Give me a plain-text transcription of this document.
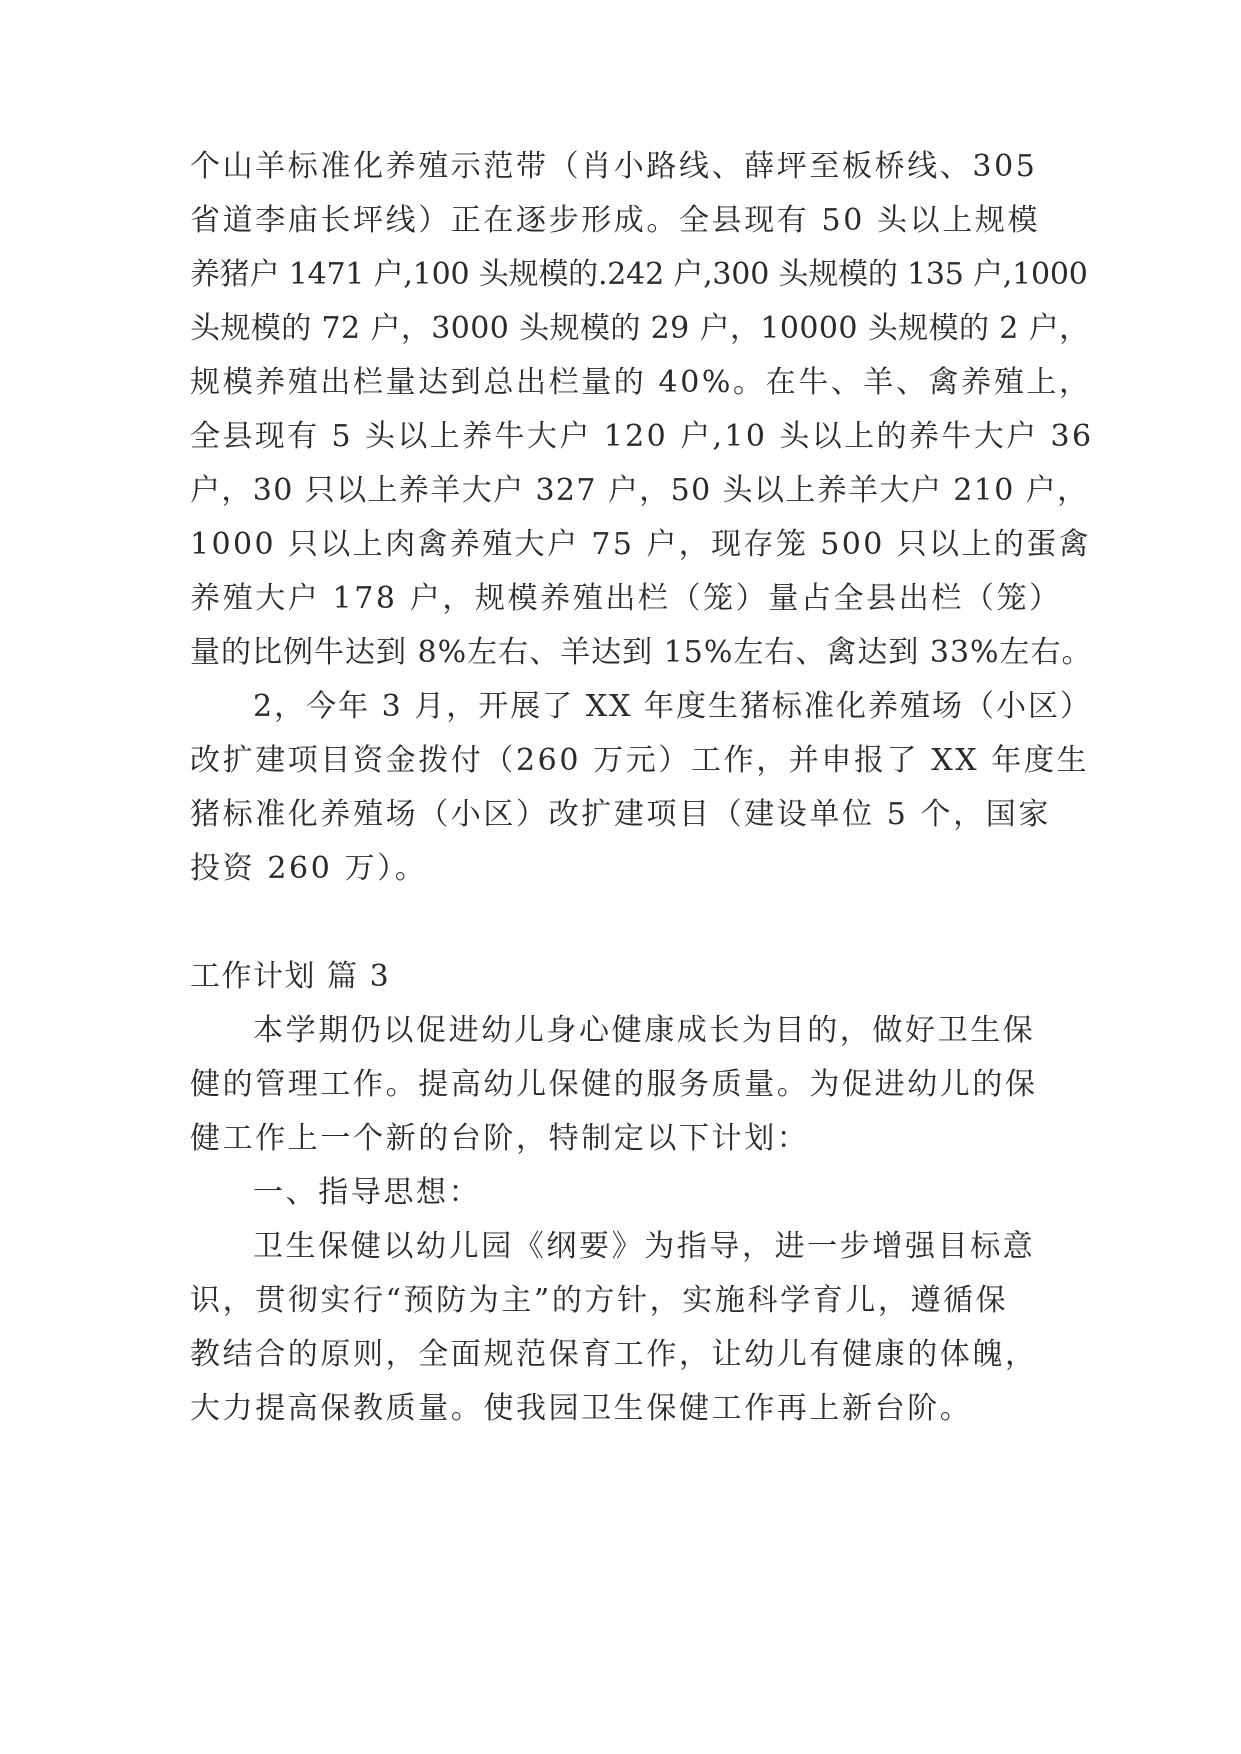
个山羊标准化养殖示范带（肖小路线、薛坪至板桥线、305
省道李庙长坪线）正在逐步形成。全县现有 50 头以上规模
养猪户 1471 户,100 头规模的.242 户,300 头规模的 135 户,1000
头规模的 72 户，3000 头规模的 29 户，10000 头规模的 2 户，
规模养殖出栏量达到总出栏量的 40%。在牛、羊、禽养殖上，
全县现有 5 头以上养牛大户 120 户,10 头以上的养牛大户 36
户，30 只以上养羊大户 327 户，50 头以上养羊大户 210 户，
1000 只以上肉禽养殖大户 75 户，现存笼 500 只以上的蛋禽
养殖大户 178 户，规模养殖出栏（笼）量占全县出栏（笼）
量的比例牛达到 8%左右、羊达到 15%左右、禽达到 33%左右。
2，今年 3 月，开展了 XX 年度生猪标准化养殖场（小区）
改扩建项目资金拨付（260 万元）工作，并申报了 XX 年度生
猪标准化养殖场（小区）改扩建项目（建设单位 5 个，国家
投资 260 万）。
工作计划 篇 3
本学期仍以促进幼儿身心健康成长为目的，做好卫生保
健的管理工作。提高幼儿保健的服务质量。为促进幼儿的保
健工作上一个新的台阶，特制定以下计划：
一、指导思想：
卫生保健以幼儿园《纲要》为指导，进一步增强目标意
识，贯彻实行“预防为主”的方针，实施科学育儿，遵循保
教结合的原则，全面规范保育工作，让幼儿有健康的体魄，
大力提高保教质量。使我园卫生保健工作再上新台阶。
